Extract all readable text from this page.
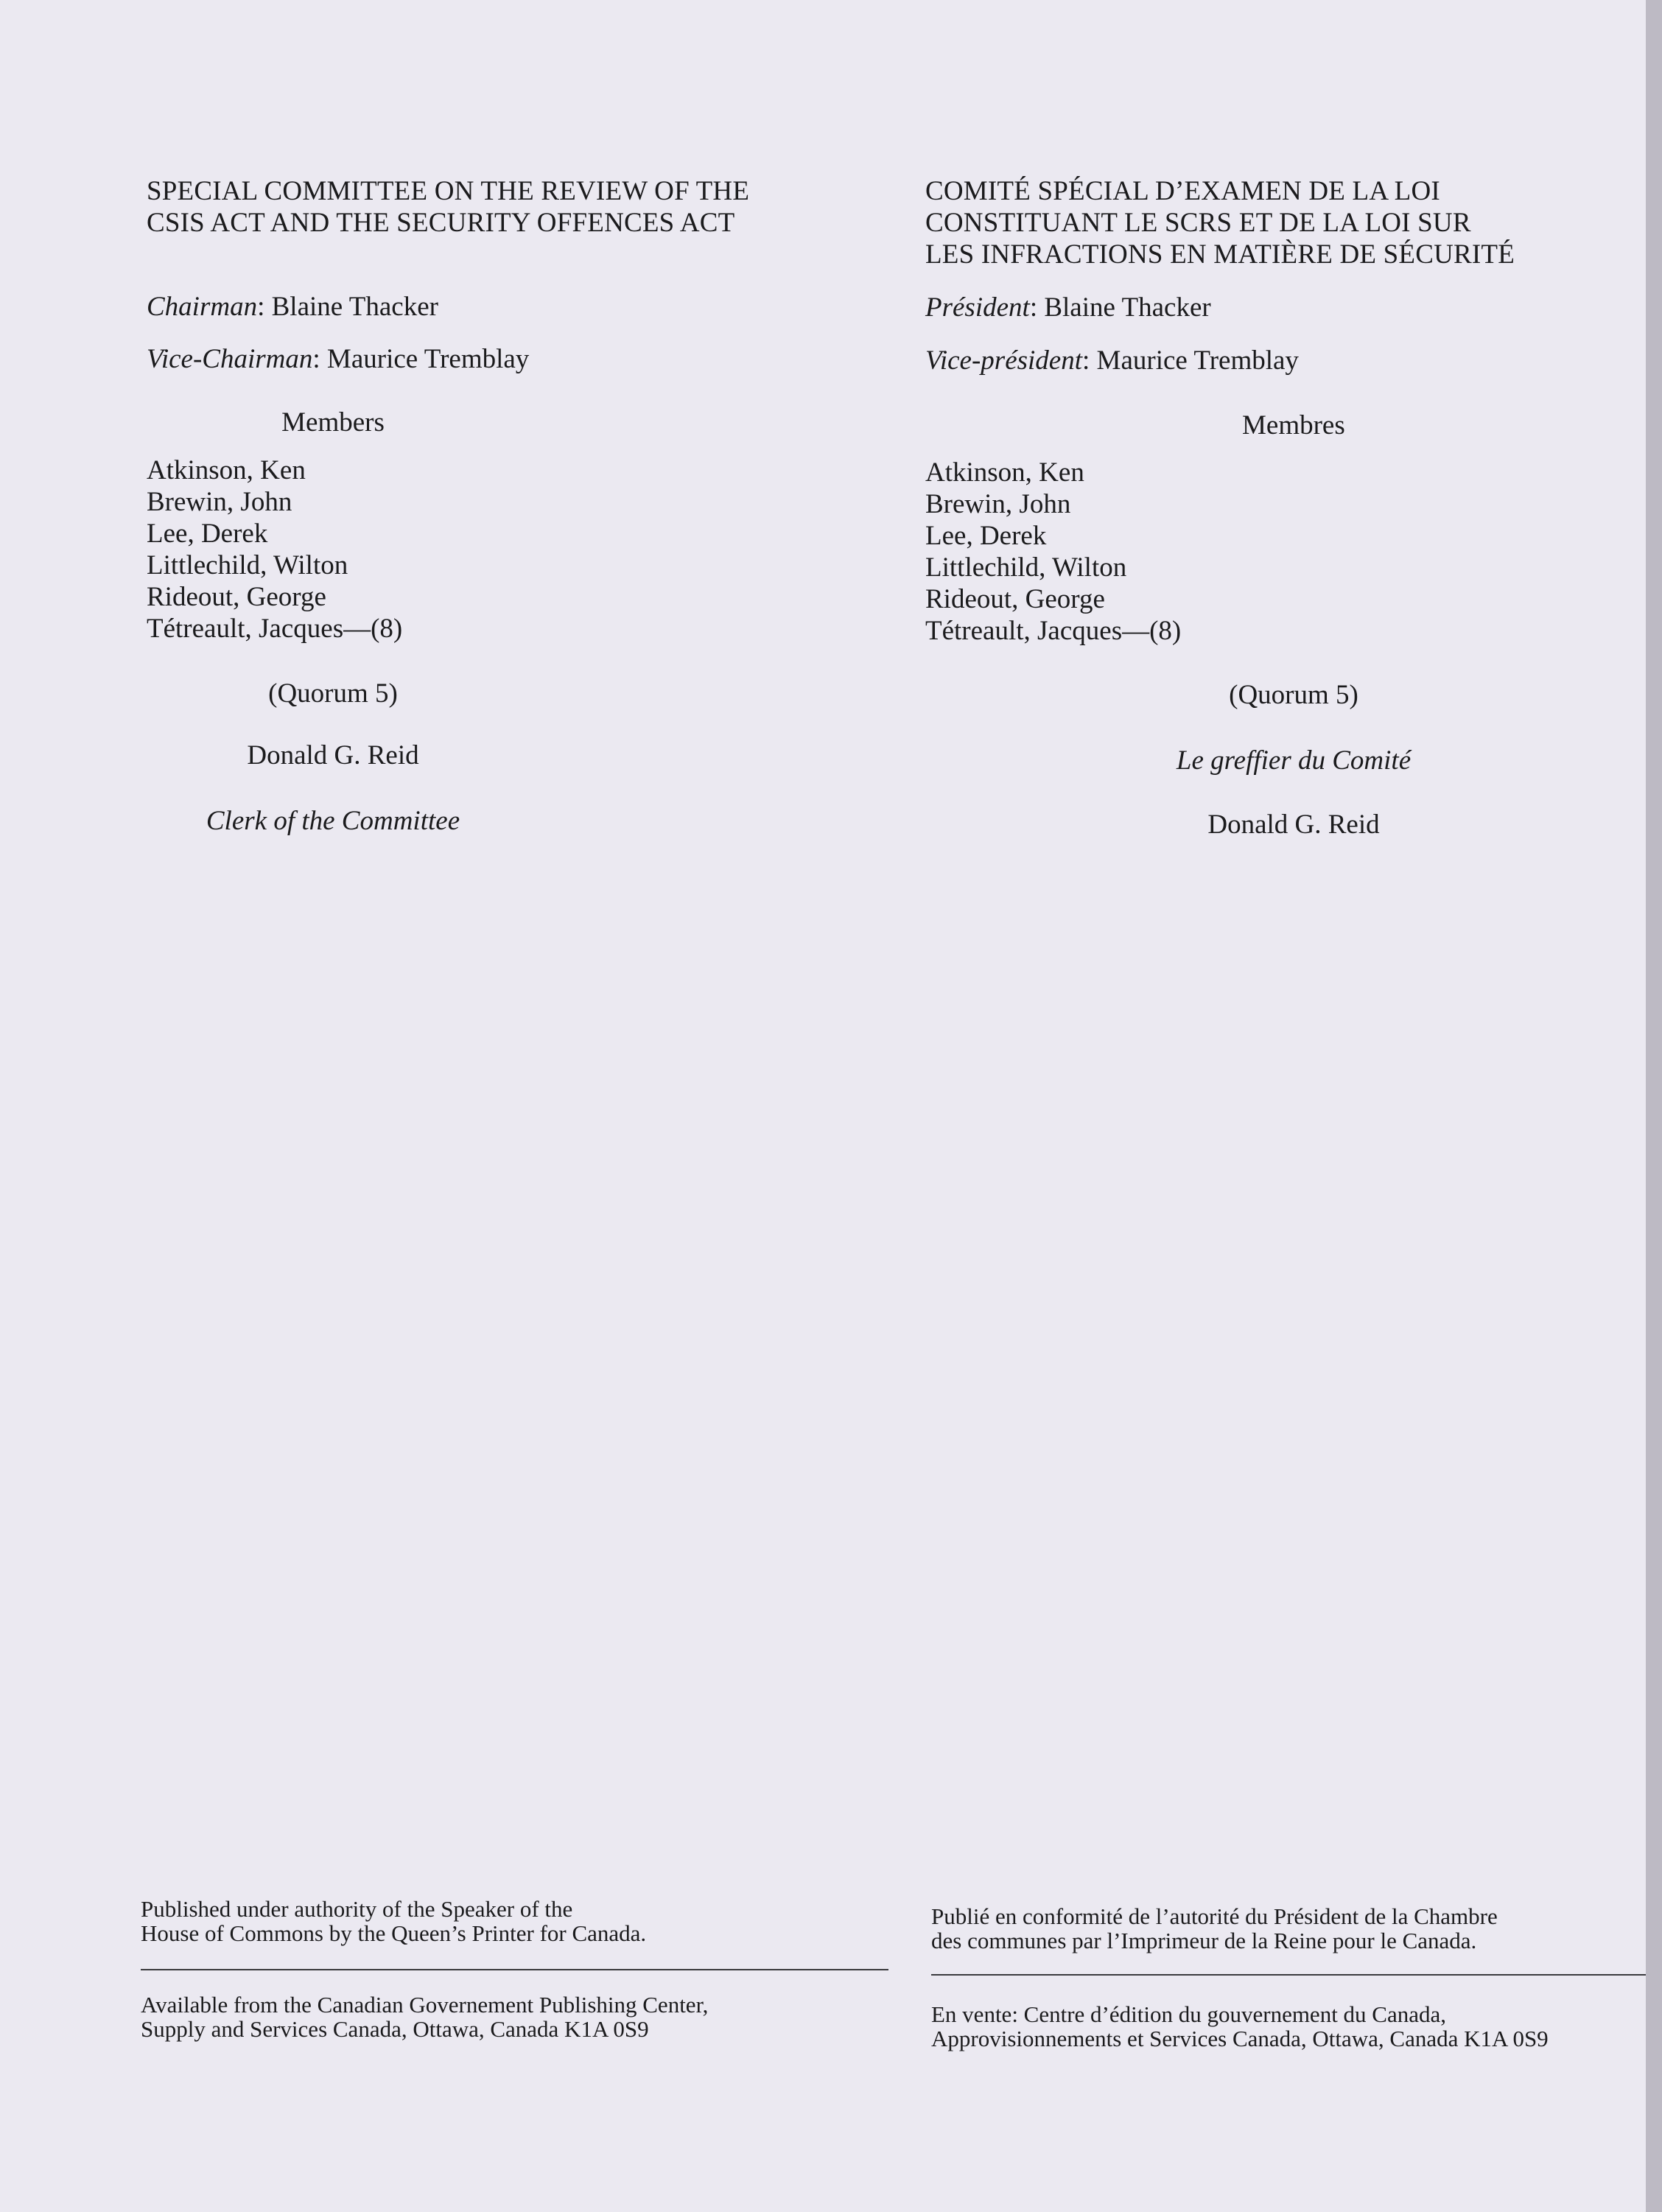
SPECIAL COMMITTEE ON THE REVIEW OF THE
CSIS ACT AND THE SECURITY OFFENCES ACT
Chairman: Blaine Thacker
Vice-Chairman: Maurice Tremblay
Members
Atkinson, Ken
Brewin, John
Lee, Derek
Littlechild, Wilton
Rideout, George
Tétreault, Jacques—(8)
(Quorum 5)
Donald G. Reid
Clerk of the Committee
Published under authority of the Speaker of the
House of Commons by the Queen’s Printer for Canada.
Available from the Canadian Governement Publishing Center,
Supply and Services Canada, Ottawa, Canada K1A 0S9
COMITÉ SPÉCIAL D’EXAMEN DE LA LOI
CONSTITUANT LE SCRS ET DE LA LOI SUR
LES INFRACTIONS EN MATIÈRE DE SÉCURITÉ
Président: Blaine Thacker
Vice-président: Maurice Tremblay
Membres
Atkinson, Ken
Brewin, John
Lee, Derek
Littlechild, Wilton
Rideout, George
Tétreault, Jacques—(8)
(Quorum 5)
Le greffier du Comité
Donald G. Reid
Publié en conformité de l’autorité du Président de la Chambre
des communes par l’Imprimeur de la Reine pour le Canada.
En vente: Centre d’édition du gouvernement du Canada,
Approvisionnements et Services Canada, Ottawa, Canada K1A 0S9
